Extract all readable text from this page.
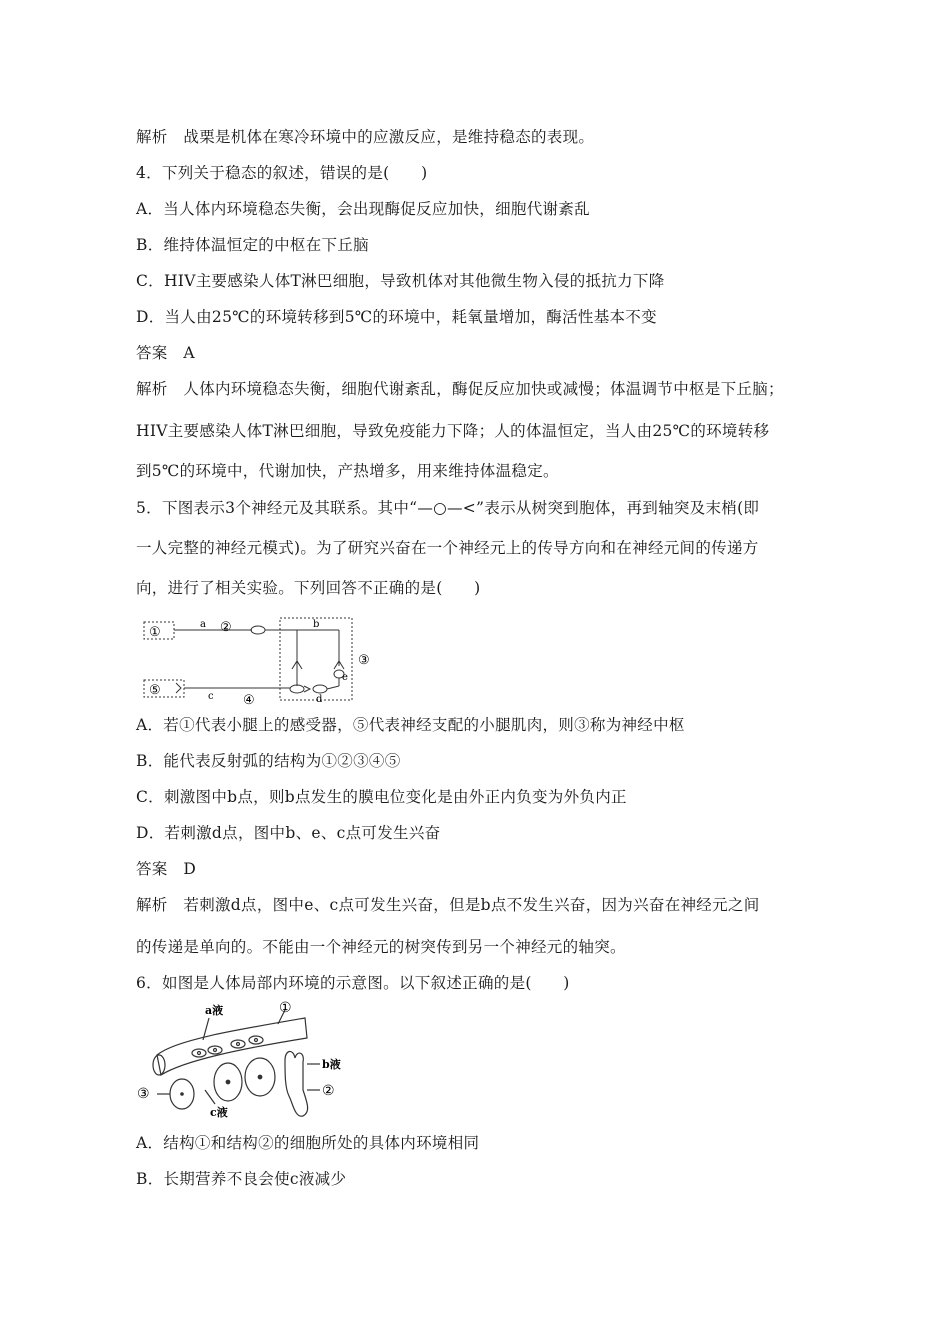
解析　战栗是机体在寒冷环境中的应激反应，是维持稳态的表现。
4．下列关于稳态的叙述，错误的是(　　)
A．当人体内环境稳态失衡，会出现酶促反应加快，细胞代谢紊乱
B．维持体温恒定的中枢在下丘脑
C．HIV主要感染人体T淋巴细胞，导致机体对其他微生物入侵的抵抗力下降
D．当人由25℃的环境转移到5℃的环境中，耗氧量增加，酶活性基本不变
答案　A
解析　人体内环境稳态失衡，细胞代谢紊乱，酶促反应加快或减慢；体温调节中枢是下丘脑；
HIV主要感染人体T淋巴细胞，导致免疫能力下降；人的体温恒定，当人由25℃的环境转移
到5℃的环境中，代谢加快，产热增多，用来维持体温稳定。
5．下图表示3个神经元及其联系。其中“—○—<”表示从树突到胞体，再到轴突及末梢(即
一人完整的神经元模式)。为了研究兴奋在一个神经元上的传导方向和在神经元间的传递方
向，进行了相关实验。下列回答不正确的是(　　)
①
a ②	b
③
e
⑤	c ④	d
A．若①代表小腿上的感受器，⑤代表神经支配的小腿肌肉，则③称为神经中枢
B．能代表反射弧的结构为①②③④⑤
C．刺激图中b点，则b点发生的膜电位变化是由外正内负变为外负内正
D．若刺激d点，图中b、e、c点可发生兴奋
答案　D
解析　若刺激d点，图中e、c点可发生兴奋，但是b点不发生兴奋，因为兴奋在神经元之间
的传递是单向的。不能由一个神经元的树突传到另一个神经元的轴突。
6．如图是人体局部内环境的示意图。以下叙述正确的是(　　)
a液	①
b液
②
③
c液
A．结构①和结构②的细胞所处的具体内环境相同
B．长期营养不良会使c液减少
